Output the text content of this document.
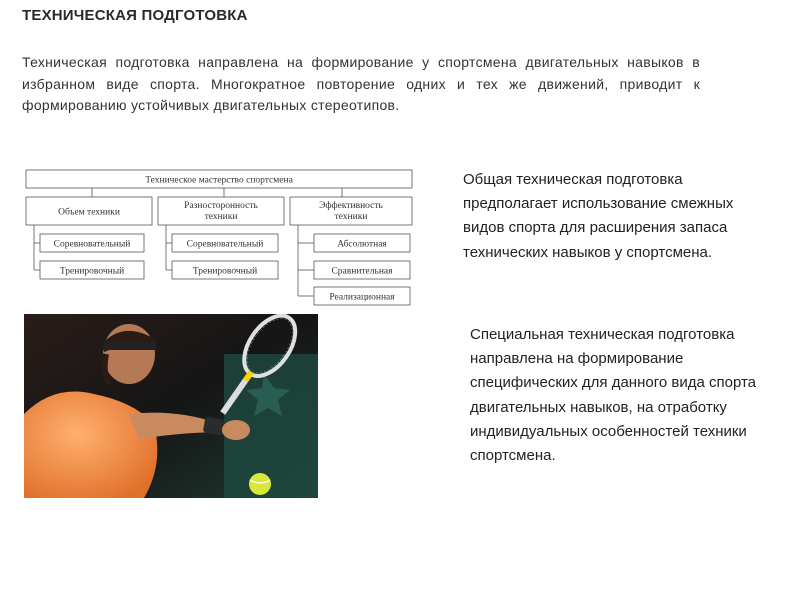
ТЕХНИЧЕСКАЯ ПОДГОТОВКА
Техническая подготовка направлена на формирование у спортсмена двигательных навыков в избранном виде спорта. Многократное повторение одних и тех же движений, приводит к формированию устойчивых двигательных стереотипов.
Техническое мастерство спортсмена
Объем техники
Разносторонность
техники
Эффективность
техники
Соревновательный
Тренировочный
Соревновательный
Тренировочный
Абсолютная
Сравнительная
Реализационная
Общая техническая подготовка предполагает использование смежных видов спорта для расширения запаса технических навыков у спортсмена.
Специальная техническая подготовка направлена на формирование специфических для данного вида спорта двигательных навыков, на отработку индивидуальных особенностей техники спортсмена.
